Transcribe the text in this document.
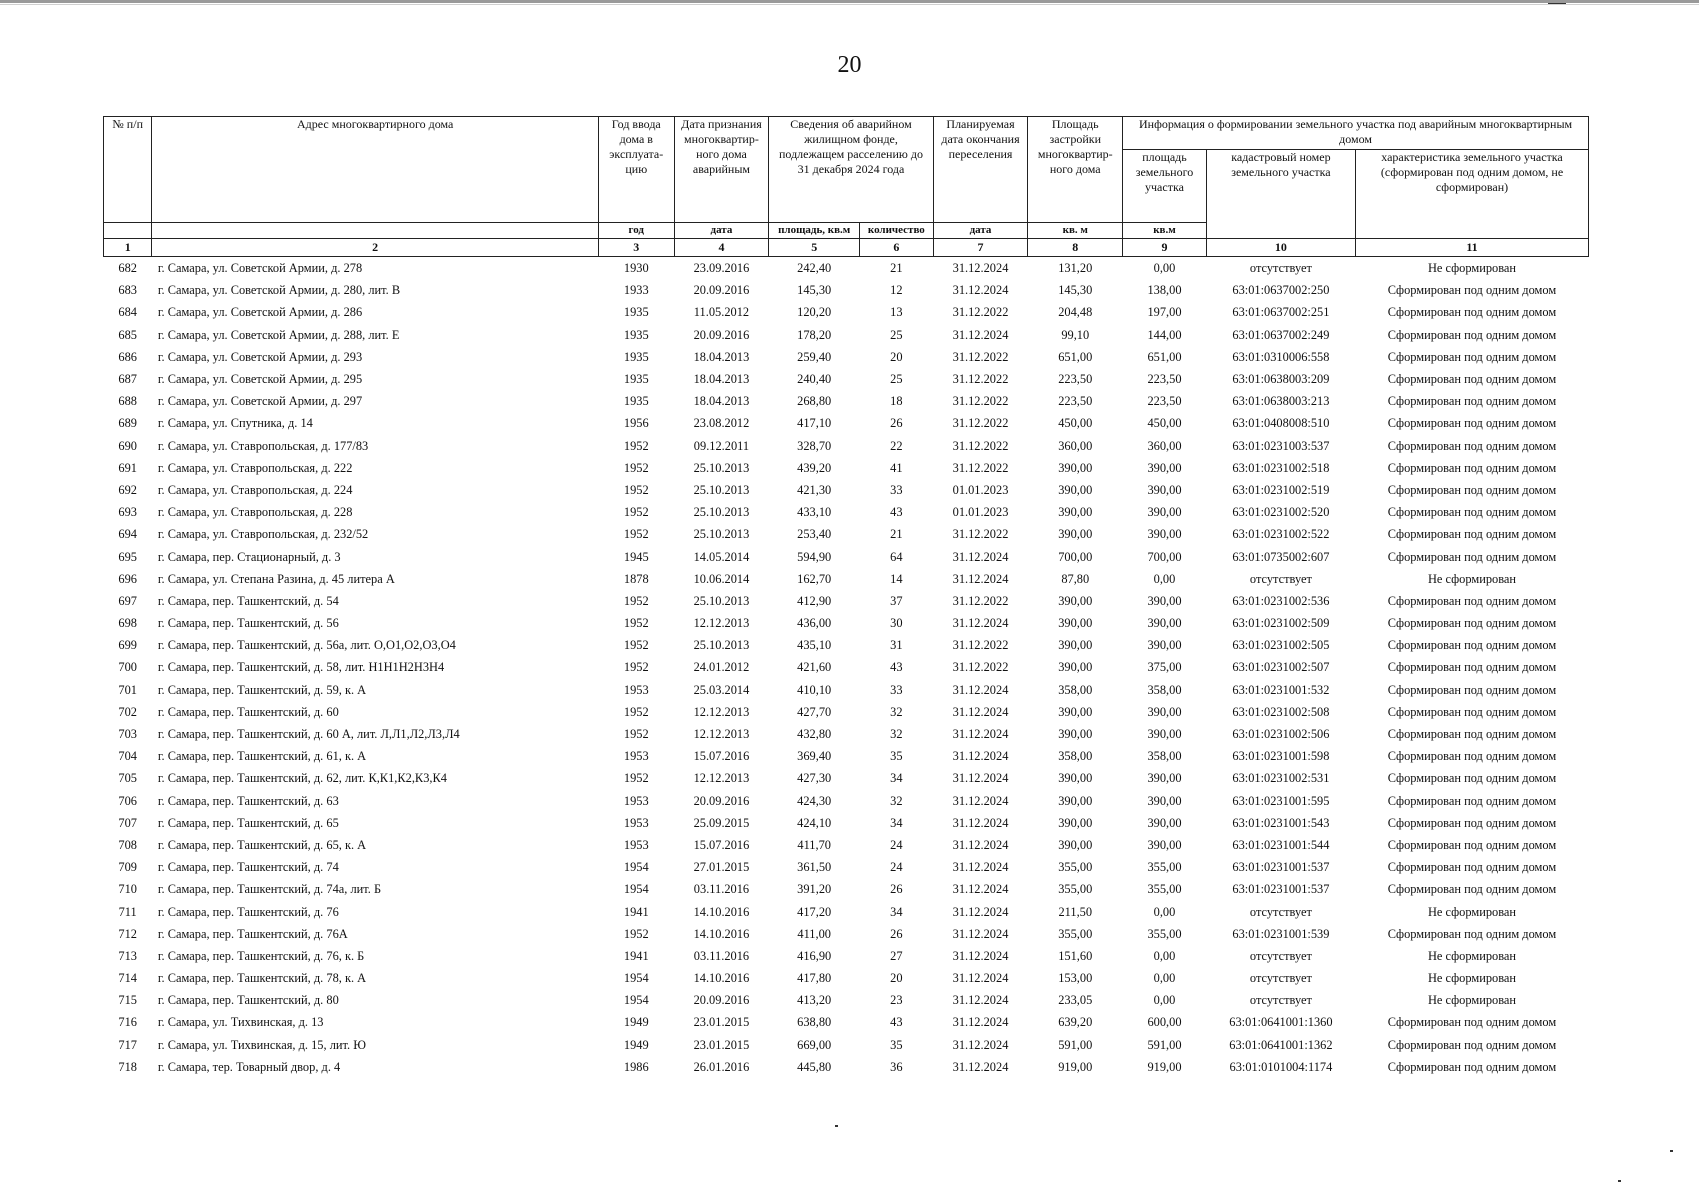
20
№ п/п	Адрес многоквартирного дома	Год ввода дома в эксплуата-цию	Дата признания многоквартир-ного дома аварийным	Сведения об аварийном жилищном фонде, подлежащем расселению до 31 декабря 2024 года		Планируемая дата окончания переселения	Площадь застройки многоквартир-ного дома	Информация о формировании земельного участка под аварийным многоквартирным домом		
								площадь земельного участка	кадастровый номер земельного участка	характеристика земельного участка (сформирован под одним домом, не сформирован)
		год	дата	площадь, кв.м	количество	дата	кв. м	кв.м		
1	2	3	4	5	6	7	8	9	10	11
682	г. Самара, ул. Советской Армии, д. 278	1930	23.09.2016	242,40	21	31.12.2024	131,20	0,00	отсутствует	Не сформирован
683	г. Самара, ул. Советской Армии, д. 280, лит. В	1933	20.09.2016	145,30	12	31.12.2024	145,30	138,00	63:01:0637002:250	Сформирован под одним домом
684	г. Самара, ул. Советской Армии, д. 286	1935	11.05.2012	120,20	13	31.12.2022	204,48	197,00	63:01:0637002:251	Сформирован под одним домом
685	г. Самара, ул. Советской Армии, д. 288, лит. Е	1935	20.09.2016	178,20	25	31.12.2024	99,10	144,00	63:01:0637002:249	Сформирован под одним домом
686	г. Самара, ул. Советской Армии, д. 293	1935	18.04.2013	259,40	20	31.12.2022	651,00	651,00	63:01:0310006:558	Сформирован под одним домом
687	г. Самара, ул. Советской Армии, д. 295	1935	18.04.2013	240,40	25	31.12.2022	223,50	223,50	63:01:0638003:209	Сформирован под одним домом
688	г. Самара, ул. Советской Армии, д. 297	1935	18.04.2013	268,80	18	31.12.2022	223,50	223,50	63:01:0638003:213	Сформирован под одним домом
689	г. Самара, ул. Спутника, д. 14	1956	23.08.2012	417,10	26	31.12.2022	450,00	450,00	63:01:0408008:510	Сформирован под одним домом
690	г. Самара, ул. Ставропольская, д. 177/83	1952	09.12.2011	328,70	22	31.12.2022	360,00	360,00	63:01:0231003:537	Сформирован под одним домом
691	г. Самара, ул. Ставропольская, д. 222	1952	25.10.2013	439,20	41	31.12.2022	390,00	390,00	63:01:0231002:518	Сформирован под одним домом
692	г. Самара, ул. Ставропольская, д. 224	1952	25.10.2013	421,30	33	01.01.2023	390,00	390,00	63:01:0231002:519	Сформирован под одним домом
693	г. Самара, ул. Ставропольская, д. 228	1952	25.10.2013	433,10	43	01.01.2023	390,00	390,00	63:01:0231002:520	Сформирован под одним домом
694	г. Самара, ул. Ставропольская, д. 232/52	1952	25.10.2013	253,40	21	31.12.2022	390,00	390,00	63:01:0231002:522	Сформирован под одним домом
695	г. Самара, пер. Стационарный, д. 3	1945	14.05.2014	594,90	64	31.12.2024	700,00	700,00	63:01:0735002:607	Сформирован под одним домом
696	г. Самара, ул. Степана Разина, д. 45 литера А	1878	10.06.2014	162,70	14	31.12.2024	87,80	0,00	отсутствует	Не сформирован
697	г. Самара, пер. Ташкентский, д. 54	1952	25.10.2013	412,90	37	31.12.2022	390,00	390,00	63:01:0231002:536	Сформирован под одним домом
698	г. Самара, пер. Ташкентский, д. 56	1952	12.12.2013	436,00	30	31.12.2024	390,00	390,00	63:01:0231002:509	Сформирован под одним домом
699	г. Самара, пер. Ташкентский, д. 56а, лит. О,О1,О2,О3,О4	1952	25.10.2013	435,10	31	31.12.2022	390,00	390,00	63:01:0231002:505	Сформирован под одним домом
700	г. Самара, пер. Ташкентский, д. 58, лит. Н1Н1Н2Н3Н4	1952	24.01.2012	421,60	43	31.12.2022	390,00	375,00	63:01:0231002:507	Сформирован под одним домом
701	г. Самара, пер. Ташкентский, д. 59, к. А	1953	25.03.2014	410,10	33	31.12.2024	358,00	358,00	63:01:0231001:532	Сформирован под одним домом
702	г. Самара, пер. Ташкентский, д. 60	1952	12.12.2013	427,70	32	31.12.2024	390,00	390,00	63:01:0231002:508	Сформирован под одним домом
703	г. Самара, пер. Ташкентский, д. 60 А, лит. Л,Л1,Л2,Л3,Л4	1952	12.12.2013	432,80	32	31.12.2024	390,00	390,00	63:01:0231002:506	Сформирован под одним домом
704	г. Самара, пер. Ташкентский, д. 61, к. А	1953	15.07.2016	369,40	35	31.12.2024	358,00	358,00	63:01:0231001:598	Сформирован под одним домом
705	г. Самара, пер. Ташкентский, д. 62, лит. К,К1,К2,К3,К4	1952	12.12.2013	427,30	34	31.12.2024	390,00	390,00	63:01:0231002:531	Сформирован под одним домом
706	г. Самара, пер. Ташкентский, д. 63	1953	20.09.2016	424,30	32	31.12.2024	390,00	390,00	63:01:0231001:595	Сформирован под одним домом
707	г. Самара, пер. Ташкентский, д. 65	1953	25.09.2015	424,10	34	31.12.2024	390,00	390,00	63:01:0231001:543	Сформирован под одним домом
708	г. Самара, пер. Ташкентский, д. 65, к. А	1953	15.07.2016	411,70	24	31.12.2024	390,00	390,00	63:01:0231001:544	Сформирован под одним домом
709	г. Самара, пер. Ташкентский, д. 74	1954	27.01.2015	361,50	24	31.12.2024	355,00	355,00	63:01:0231001:537	Сформирован под одним домом
710	г. Самара, пер. Ташкентский, д. 74а, лит. Б	1954	03.11.2016	391,20	26	31.12.2024	355,00	355,00	63:01:0231001:537	Сформирован под одним домом
711	г. Самара, пер. Ташкентский, д. 76	1941	14.10.2016	417,20	34	31.12.2024	211,50	0,00	отсутствует	Не сформирован
712	г. Самара, пер. Ташкентский, д. 76А	1952	14.10.2016	411,00	26	31.12.2024	355,00	355,00	63:01:0231001:539	Сформирован под одним домом
713	г. Самара, пер. Ташкентский, д. 76, к. Б	1941	03.11.2016	416,90	27	31.12.2024	151,60	0,00	отсутствует	Не сформирован
714	г. Самара, пер. Ташкентский, д. 78, к. А	1954	14.10.2016	417,80	20	31.12.2024	153,00	0,00	отсутствует	Не сформирован
715	г. Самара, пер. Ташкентский, д. 80	1954	20.09.2016	413,20	23	31.12.2024	233,05	0,00	отсутствует	Не сформирован
716	г. Самара, ул. Тихвинская, д. 13	1949	23.01.2015	638,80	43	31.12.2024	639,20	600,00	63:01:0641001:1360	Сформирован под одним домом
717	г. Самара, ул. Тихвинская, д. 15, лит. Ю	1949	23.01.2015	669,00	35	31.12.2024	591,00	591,00	63:01:0641001:1362	Сформирован под одним домом
718	г. Самара, тер. Товарный двор, д. 4	1986	26.01.2016	445,80	36	31.12.2024	919,00	919,00	63:01:0101004:1174	Сформирован под одним домом
